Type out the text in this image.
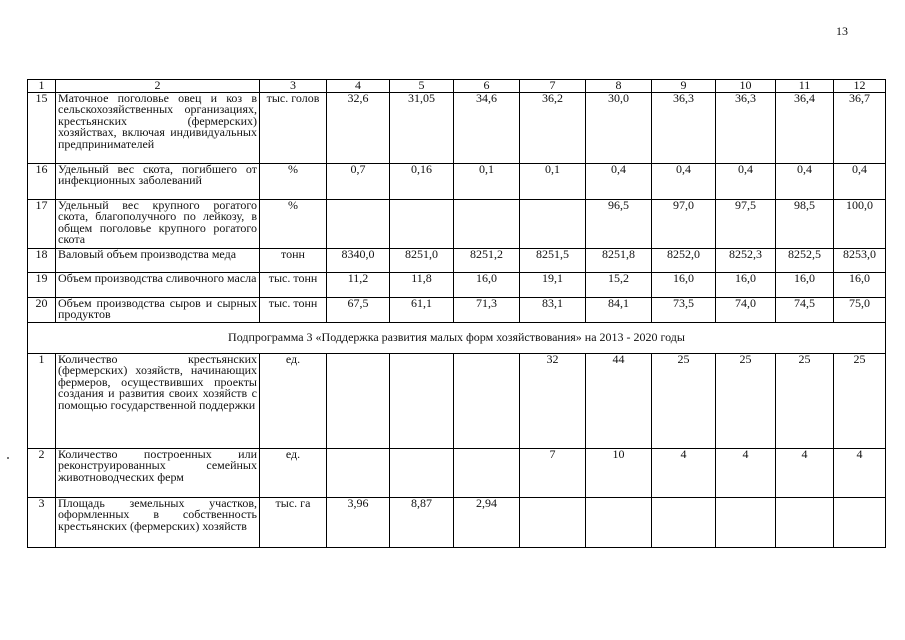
13
1	2	3	4	5	6	7	8	9	10	11	12
15	Маточное поголовье овец и коз в сельскохозяйственных организациях, крестьянских (фермерских) хозяйствах, включая индивидуальных предпринимателей	тыс. голов	32,6	31,05	34,6	36,2	30,0	36,3	36,3	36,4	36,7
16	Удельный вес скота, погибшего от инфекционных заболеваний	%	0,7	0,16	0,1	0,1	0,4	0,4	0,4	0,4	0,4
17	Удельный вес крупного рогатого скота, благополучного по лейкозу, в общем поголовье крупного рогатого скота	%					96,5	97,0	97,5	98,5	100,0
18	Валовый объем производства меда	тонн	8340,0	8251,0	8251,2	8251,5	8251,8	8252,0	8252,3	8252,5	8253,0
19	Объем производства сливочного масла	тыс. тонн	11,2	11,8	16,0	19,1	15,2	16,0	16,0	16,0	16,0
20	Объем производства сыров и сырных продуктов	тыс. тонн	67,5	61,1	71,3	83,1	84,1	73,5	74,0	74,5	75,0
Подпрограмма 3 «Поддержка развития малых форм хозяйствования» на 2013 - 2020 годы											
1	Количество крестьянских (фермерских) хозяйств, начинающих фермеров, осуществивших проекты создания и развития своих хозяйств с помощью государственной поддержки	ед.				32	44	25	25	25	25
2	Количество построенных или реконструированных семейных животноводческих ферм	ед.				7	10	4	4	4	4
3	Площадь земельных участков, оформленных в собственность крестьянских (фермерских) хозяйств	тыс. га	3,96	8,87	2,94						
